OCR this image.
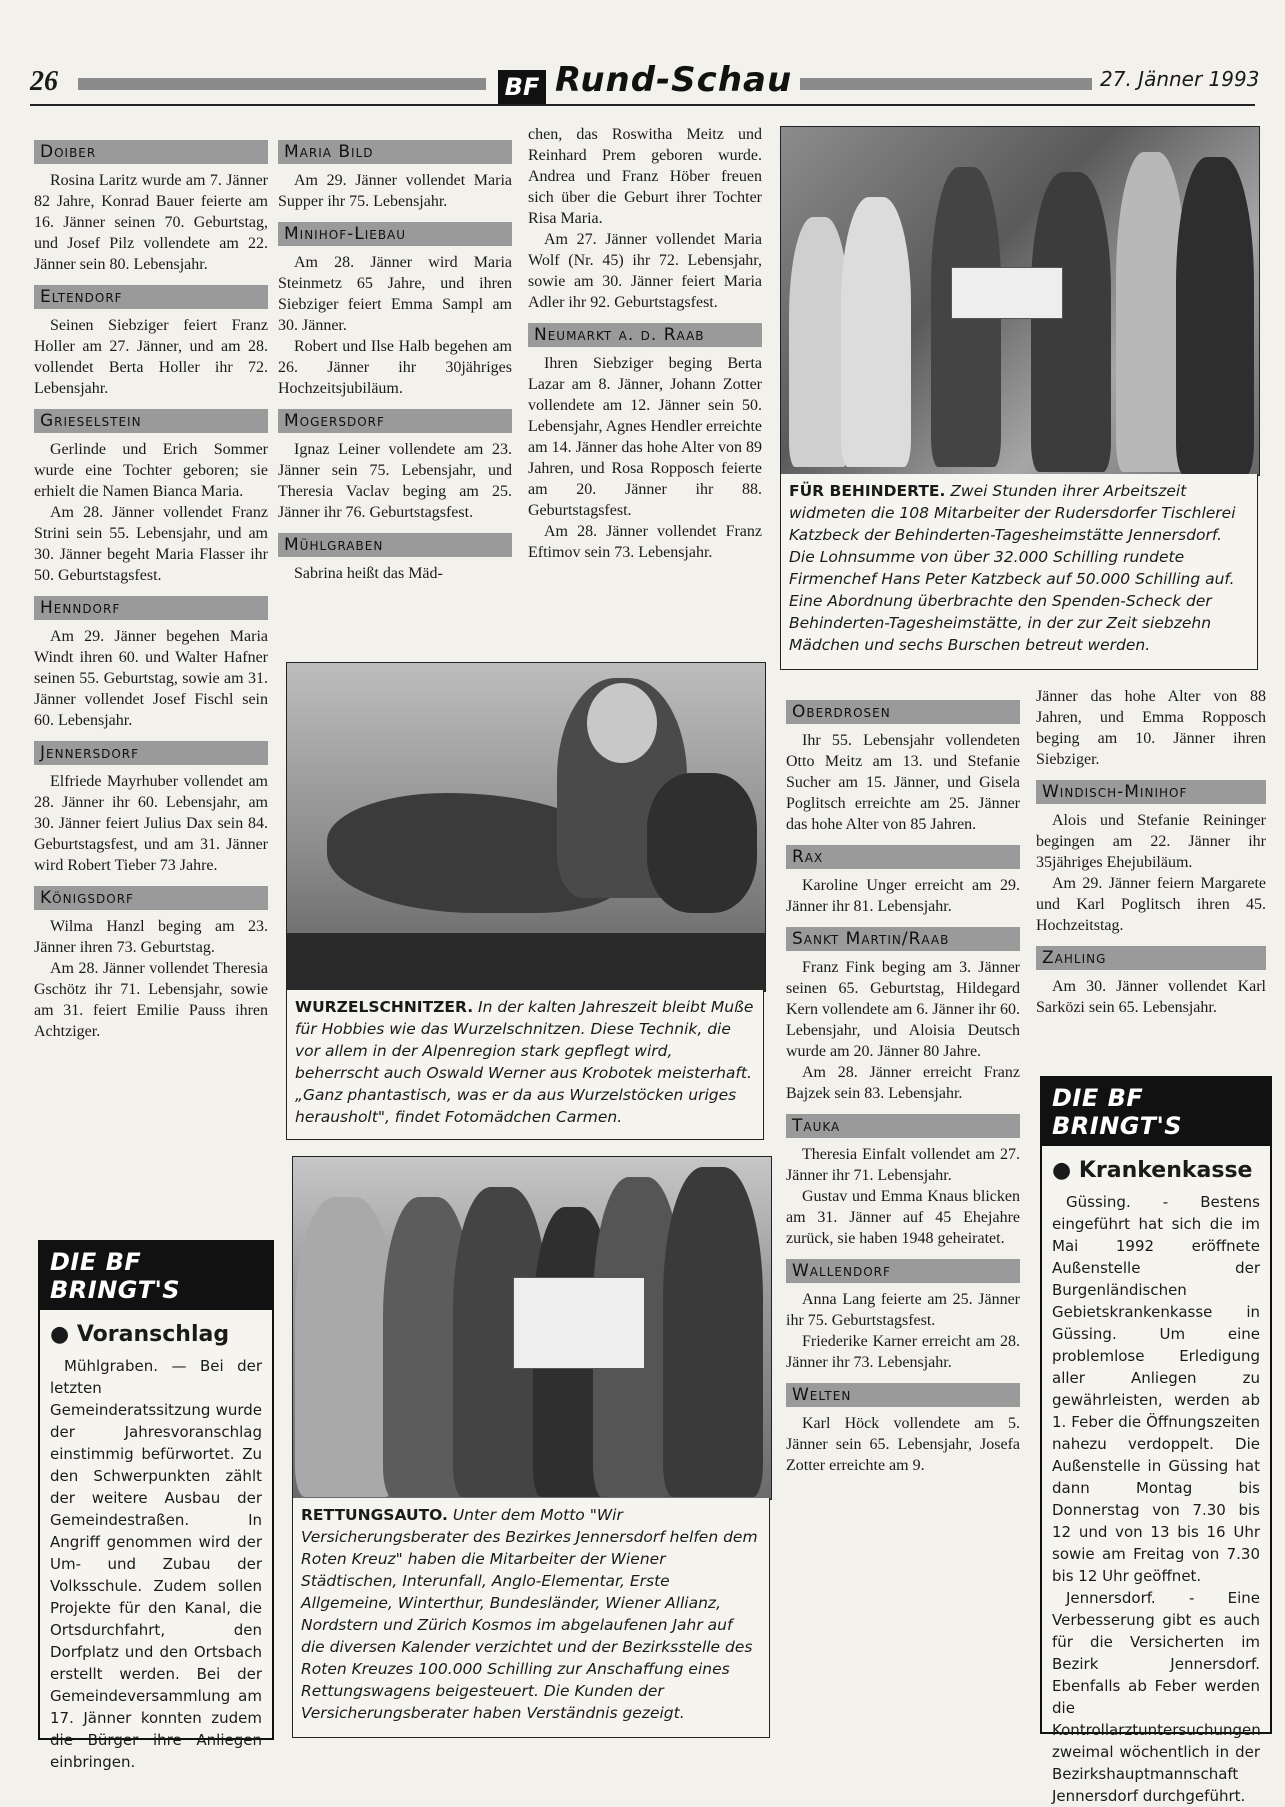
26	BF Rund-Schau	27. Jänner 1993
Doiber

Rosina Laritz wurde am 7. Jänner 82 Jahre, Konrad Bauer feierte am 16. Jänner seinen 70. Geburtstag, und Josef Pilz vollendete am 22. Jänner sein 80. Lebensjahr.

Eltendorf

Seinen Siebziger feiert Franz Holler am 27. Jänner, und am 28. vollendet Berta Holler ihr 72. Lebensjahr.

Grieselstein

Gerlinde und Erich Sommer wurde eine Tochter geboren; sie erhielt die Namen Bianca Maria.

Am 28. Jänner vollendet Franz Strini sein 55. Lebensjahr, und am 30. Jänner begeht Maria Flasser ihr 50. Geburtstagsfest.

Henndorf

Am 29. Jänner begehen Maria Windt ihren 60. und Walter Hafner seinen 55. Geburtstag, sowie am 31. Jänner vollendet Josef Fischl sein 60. Lebensjahr.

Jennersdorf

Elfriede Mayrhuber vollendet am 28. Jänner ihr 60. Lebensjahr, am 30. Jänner feiert Julius Dax sein 84. Geburtstagsfest, und am 31. Jänner wird Robert Tieber 73 Jahre.

Königsdorf

Wilma Hanzl beging am 23. Jänner ihren 73. Geburtstag.

Am 28. Jänner vollendet Theresia Gschötz ihr 71. Lebensjahr, sowie am 31. feiert Emilie Pauss ihren Achtziger.

Maria Bild

Am 29. Jänner vollendet Maria Supper ihr 75. Lebensjahr.

Minihof-Liebau

Am 28. Jänner wird Maria Steinmetz 65 Jahre, und ihren Siebziger feiert Emma Sampl am 30. Jänner.

Robert und Ilse Halb begehen am 26. Jänner ihr 30jähriges Hochzeitsjubiläum.

Mogersdorf

Ignaz Leiner vollendete am 23. Jänner sein 75. Lebensjahr, und Theresia Vaclav beging am 25. Jänner ihr 76. Geburtstagsfest.

Mühlgraben

Sabrina heißt das Mäd-

chen, das Roswitha Meitz und Reinhard Prem geboren wurde. Andrea und Franz Höber freuen sich über die Geburt ihrer Tochter Risa Maria.

Am 27. Jänner vollendet Maria Wolf (Nr. 45) ihr 72. Lebensjahr, sowie am 30. Jänner feiert Maria Adler ihr 92. Geburtstagsfest.

Neumarkt a. d. Raab

Ihren Siebziger beging Berta Lazar am 8. Jänner, Johann Zotter vollendete am 12. Jänner sein 50. Lebensjahr, Agnes Hendler erreichte am 14. Jänner das hohe Alter von 89 Jahren, und Rosa Ropposch feierte am 20. Jänner ihr 88. Geburtstagsfest.

Am 28. Jänner vollendet Franz Eftimov sein 73. Lebensjahr.

Oberdrosen

Ihr 55. Lebensjahr vollendeten Otto Meitz am 13. und Stefanie Sucher am 15. Jänner, und Gisela Poglitsch erreichte am 25. Jänner das hohe Alter von 85 Jahren.

Rax

Karoline Unger erreicht am 29. Jänner ihr 81. Lebensjahr.

Sankt Martin/Raab

Franz Fink beging am 3. Jänner seinen 65. Geburtstag, Hildegard Kern vollendete am 6. Jänner ihr 60. Lebensjahr, und Aloisia Deutsch wurde am 20. Jänner 80 Jahre.

Am 28. Jänner erreicht Franz Bajzek sein 83. Lebensjahr.

Tauka

Theresia Einfalt vollendet am 27. Jänner ihr 71. Lebensjahr.

Gustav und Emma Knaus blicken am 31. Jänner auf 45 Ehejahre zurück, sie haben 1948 geheiratet.

Wallendorf

Anna Lang feierte am 25. Jänner ihr 75. Geburtstagsfest.

Friederike Karner erreicht am 28. Jänner ihr 73. Lebensjahr.

Welten

Karl Höck vollendete am 5. Jänner sein 65. Lebensjahr, Josefa Zotter erreichte am 9.

Jänner das hohe Alter von 88 Jahren, und Emma Ropposch beging am 10. Jänner ihren Siebziger.

Windisch-Minihof

Alois und Stefanie Reininger begingen am 22. Jänner ihr 35jähriges Ehejubiläum.

Am 29. Jänner feiern Margarete und Karl Poglitsch ihren 45. Hochzeitstag.

Zahling

Am 30. Jänner vollendet Karl Sarközi sein 65. Lebensjahr.

FÜR BEHINDERTE. Zwei Stunden ihrer Arbeitszeit widmeten die 108 Mitarbeiter der Rudersdorfer Tischlerei Katzbeck der Behinderten-Tagesheimstätte Jennersdorf. Die Lohnsumme von über 32.000 Schilling rundete Firmenchef Hans Peter Katzbeck auf 50.000 Schilling auf. Eine Abordnung überbrachte den Spenden-Scheck der Behinderten-Tagesheimstätte, in der zur Zeit siebzehn Mädchen und sechs Burschen betreut werden.
WURZELSCHNITZER. In der kalten Jahreszeit bleibt Muße für Hobbies wie das Wurzelschnitzen. Diese Technik, die vor allem in der Alpenregion stark gepflegt wird, beherrscht auch Oswald Werner aus Krobotek meisterhaft. „Ganz phantastisch, was er da aus Wurzelstöcken uriges herausholt", findet Fotomädchen Carmen.
RETTUNGSAUTO. Unter dem Motto "Wir Versicherungsberater des Bezirkes Jennersdorf helfen dem Roten Kreuz" haben die Mitarbeiter der Wiener Städtischen, Interunfall, Anglo-Elementar, Erste Allgemeine, Winterthur, Bundesländer, Wiener Allianz, Nordstern und Zürich Kosmos im abgelaufenen Jahr auf die diversen Kalender verzichtet und der Bezirksstelle des Roten Kreuzes 100.000 Schilling zur Anschaffung eines Rettungswagens beigesteuert. Die Kunden der Versicherungsberater haben Verständnis gezeigt.
DIE BF BRINGT'S
● Voranschlag

Mühlgraben. — Bei der letzten Gemeinderatssitzung wurde der Jahresvoranschlag einstimmig befürwortet. Zu den Schwerpunkten zählt der weitere Ausbau der Gemeindestraßen. In Angriff genommen wird der Um- und Zubau der Volksschule. Zudem sollen Projekte für den Kanal, die Ortsdurchfahrt, den Dorfplatz und den Ortsbach erstellt werden. Bei der Gemeindeversammlung am 17. Jänner konnten zudem die Bürger ihre Anliegen einbringen.

DIE BF BRINGT'S
● Krankenkasse

Güssing. - Bestens eingeführt hat sich die im Mai 1992 eröffnete Außenstelle der Burgenländischen Gebietskrankenkasse in Güssing. Um eine problemlose Erledigung aller Anliegen zu gewährleisten, werden ab 1. Feber die Öffnungszeiten nahezu verdoppelt. Die Außenstelle in Güssing hat dann Montag bis Donnerstag von 7.30 bis 12 und von 13 bis 16 Uhr sowie am Freitag von 7.30 bis 12 Uhr geöffnet.

Jennersdorf. - Eine Verbesserung gibt es auch für die Versicherten im Bezirk Jennersdorf. Ebenfalls ab Feber werden die Kontrollarztuntersuchungen zweimal wöchentlich in der Bezirkshauptmannschaft Jennersdorf durchgeführt.
